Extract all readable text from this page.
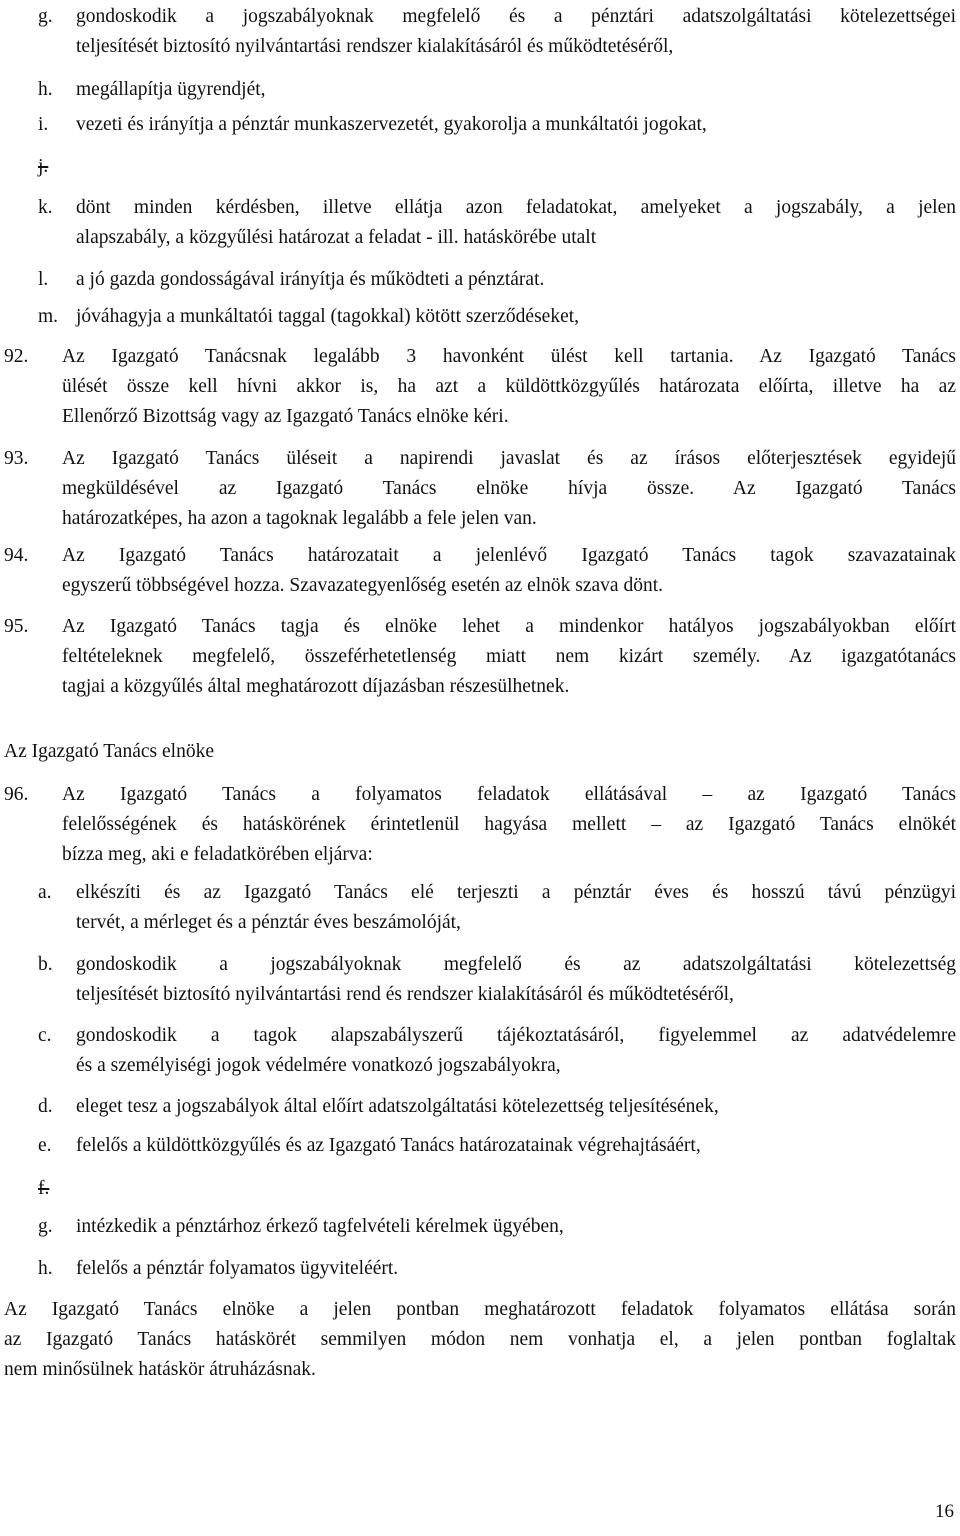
g. gondoskodik a jogszabályoknak megfelelő és a pénztári adatszolgáltatási kötelezettségei
teljesítését biztosító nyilvántartási rendszer kialakításáról és működtetéséről,
h. megállapítja ügyrendjét,
i. vezeti és irányítja a pénztár munkaszervezetét, gyakorolja a munkáltatói jogokat,
j.
k. dönt minden kérdésben, illetve ellátja azon feladatokat, amelyeket a jogszabály, a jelen
alapszabály, a közgyűlési határozat a feladat - ill. hatáskörébe utalt
l. a jó gazda gondosságával irányítja és működteti a pénztárat.
m. jóváhagyja a munkáltatói taggal (tagokkal) kötött szerződéseket,
92. Az Igazgató Tanácsnak legalább 3 havonként ülést kell tartania. Az Igazgató Tanács
ülését össze kell hívni akkor is, ha azt a küldöttközgyűlés határozata előírta, illetve ha az
Ellenőrző Bizottság vagy az Igazgató Tanács elnöke kéri.
93. Az Igazgató Tanács üléseit a napirendi javaslat és az írásos előterjesztések egyidejű
megküldésével az Igazgató Tanács elnöke hívja össze. Az Igazgató Tanács
határozatképes, ha azon a tagoknak legalább a fele jelen van.
94. Az Igazgató Tanács határozatait a jelenlévő Igazgató Tanács tagok szavazatainak
egyszerű többségével hozza. Szavazategyenlőség esetén az elnök szava dönt.
95. Az Igazgató Tanács tagja és elnöke lehet a mindenkor hatályos jogszabályokban előírt
feltételeknek megfelelő, összeférhetetlenség miatt nem kizárt személy. Az igazgatótanács
tagjai a közgyűlés által meghatározott díjazásban részesülhetnek.
Az Igazgató Tanács elnöke
96. Az Igazgató Tanács a folyamatos feladatok ellátásával – az Igazgató Tanács
felelősségének és hatáskörének érintetlenül hagyása mellett – az Igazgató Tanács elnökét
bízza meg, aki e feladatkörében eljárva:
a. elkészíti és az Igazgató Tanács elé terjeszti a pénztár éves és hosszú távú pénzügyi
tervét, a mérleget és a pénztár éves beszámolóját,
b. gondoskodik a jogszabályoknak megfelelő és az adatszolgáltatási kötelezettség
teljesítését biztosító nyilvántartási rend és rendszer kialakításáról és működtetéséről,
c. gondoskodik a tagok alapszabályszerű tájékoztatásáról, figyelemmel az adatvédelemre
és a személyiségi jogok védelmére vonatkozó jogszabályokra,
d. eleget tesz a jogszabályok által előírt adatszolgáltatási kötelezettség teljesítésének,
e. felelős a küldöttközgyűlés és az Igazgató Tanács határozatainak végrehajtásáért,
f.
g. intézkedik a pénztárhoz érkező tagfelvételi kérelmek ügyében,
h. felelős a pénztár folyamatos ügyviteléért.
Az Igazgató Tanács elnöke a jelen pontban meghatározott feladatok folyamatos ellátása során
az Igazgató Tanács hatáskörét semmilyen módon nem vonhatja el, a jelen pontban foglaltak
nem minősülnek hatáskör átruházásnak.
16
